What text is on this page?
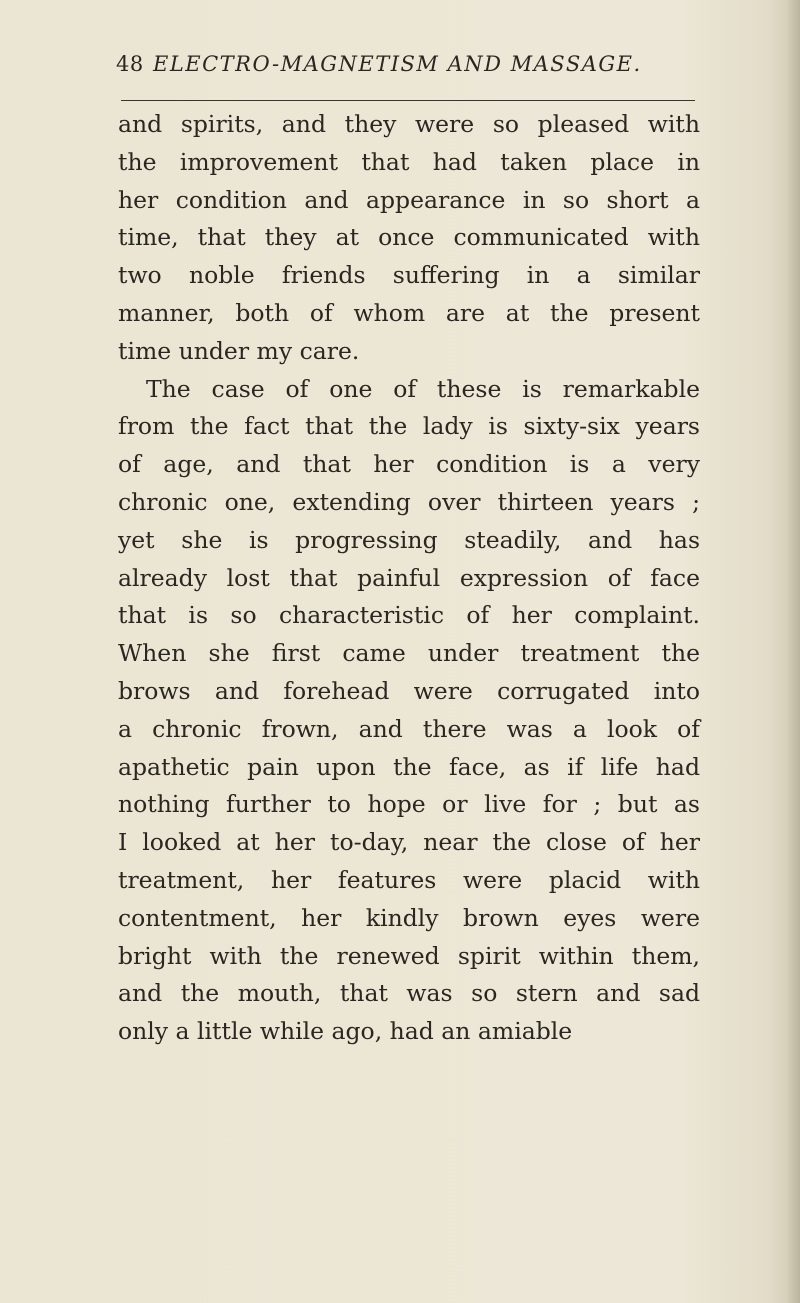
48 ELECTRO-MAGNETISM AND MASSAGE.
and spirits, and they were so pleased with
the improvement that had taken place in
her condition and appearance in so short a
time, that they at once communicated with
two noble friends suffering in a similar
manner, both of whom are at the present
time under my care.
The case of one of these is remarkable
from the fact that the lady is sixty-six years
of age, and that her condition is a very
chronic one, extending over thirteen years ;
yet she is progressing steadily, and has
already lost that painful expression of face
that is so characteristic of her complaint.
When she first came under treatment the
brows and forehead were corrugated into
a chronic frown, and there was a look of
apathetic pain upon the face, as if life had
nothing further to hope or live for ; but as
I looked at her to-day, near the close of her
treatment, her features were placid with
contentment, her kindly brown eyes were
bright with the renewed spirit within them,
and the mouth, that was so stern and sad
only a little while ago, had an amiable
